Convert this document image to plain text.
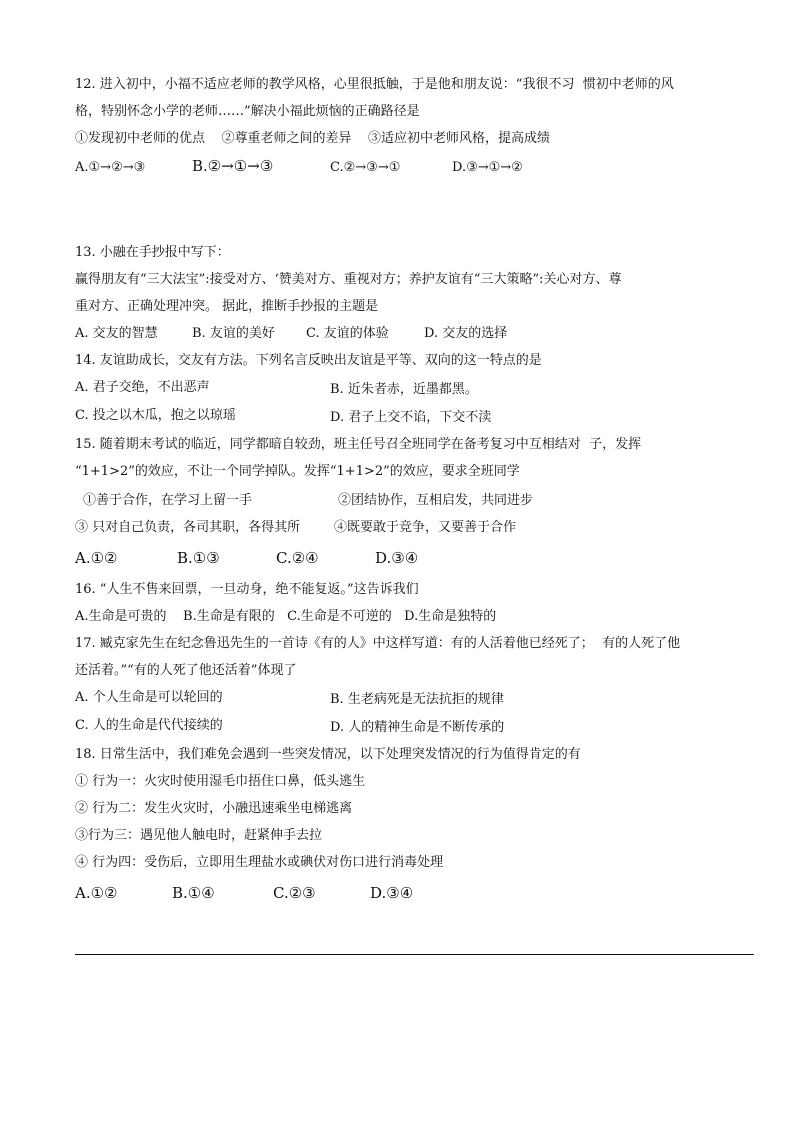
12. 进入初中，小福不适应老师的教学风格，心里很抵触，于是他和朋友说：“我很不习  惯初中老师的风
格，特别怀念小学的老师……”解决小福此烦恼的正确路径是
①发现初中老师的优点    ②尊重老师之间的差异    ③适应初中老师风格，提高成绩
A.①→②→③	B.②→①→③	C.②→③→①	D.③→①→②
13. 小融在手抄报中写下：
赢得朋友有“三大法宝”:接受对方、‘赞美对方、重视对方；养护友谊有“三大策略”:关心对方、尊
重对方、正确处理冲突。 据此，推断手抄报的主题是
A. 交友的智慧	B. 友谊的美好 C. 友谊的体验	D. 交友的选择
14. 友谊助成长，交友有方法。下列名言反映出友谊是平等、双向的这一特点的是
A. 君子交绝，不出恶声	B. 近朱者赤，近墨都黑。
C. 投之以木瓜，抱之以琼瑶	D. 君子上交不谄，下交不渎
15. 随着期末考试的临近，同学都暗自较劲，班主任号召全班同学在备考复习中互相结对  子，发挥
“1+1>2”的效应，不让一个同学掉队。发挥“1+1>2”的效应，要求全班同学
①善于合作，在学习上留一手	②团结协作，互相启发，共同进步
③ 只对自己负责，各司其职，各得其所	④既要敢于竞争，又要善于合作
A.①②	B.①③	C.②④	D.③④
16. “人生不售来回票，一旦动身，绝不能复返。”这告诉我们
A.生命是可贵的    B.生命是有限的   C.生命是不可逆的   D.生命是独特的
17. 臧克家先生在纪念鲁迅先生的一首诗《有的人》中这样写道：有的人活着他已经死了；  有的人死了他
还活着。”“有的人死了他还活着”体现了
A. 个人生命是可以轮回的	B. 生老病死是无法抗拒的规律
C. 人的生命是代代接续的	D. 人的精神生命是不断传承的
18. 日常生活中，我们难免会遇到一些突发情况，以下处理突发情况的行为值得肯定的有
① 行为一：火灾时使用湿毛巾捂住口鼻，低头逃生
② 行为二：发生火灾时，小融迅速乘坐电梯逃离
③行为三：遇见他人触电时，赶紧伸手去拉
④ 行为四：受伤后，立即用生理盐水或碘伏对伤口进行消毒处理
A.①②	B.①④	C.②③	D.③④
